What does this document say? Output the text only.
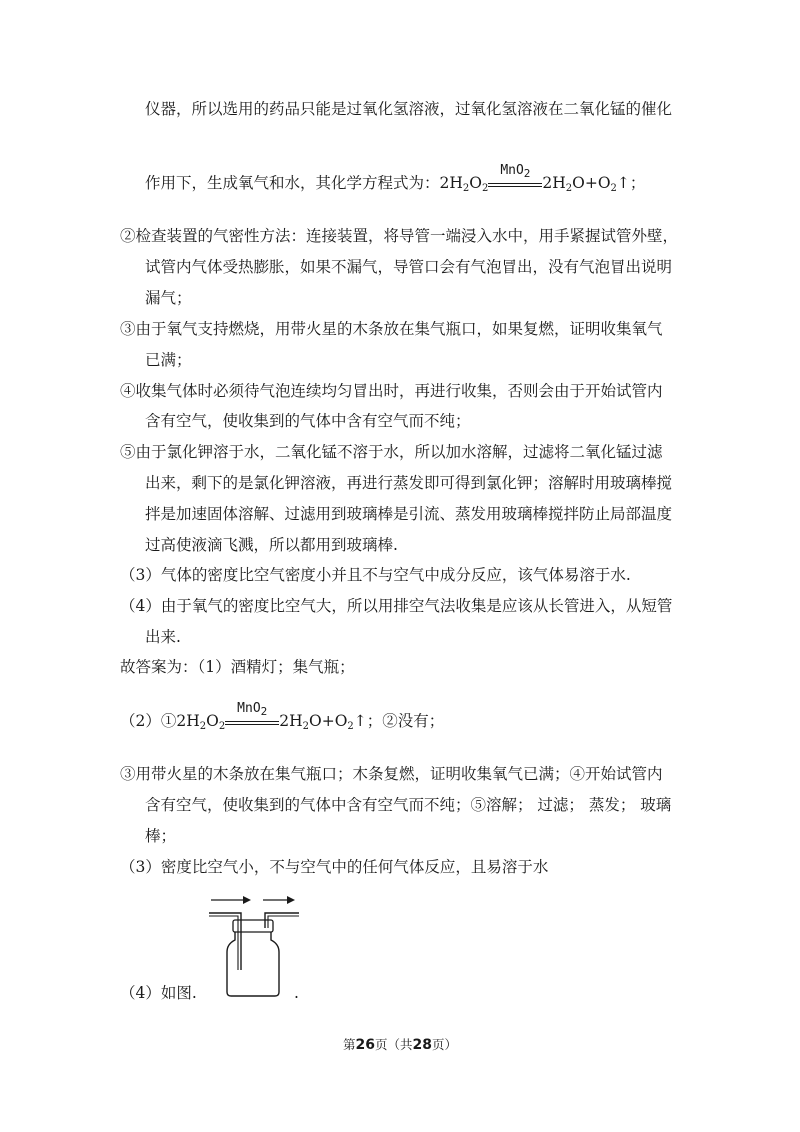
仪器，所以选用的药品只能是过氧化氢溶液，过氧化氢溶液在二氧化锰的催化
作用下，生成氧气和水，其化学方程式为：$2H_2O_2$
MnO$_2$
$2H_2O+O_2↑$；
②检查装置的气密性方法：连接装置，将导管一端浸入水中，用手紧握试管外壁，
试管内气体受热膨胀，如果不漏气，导管口会有气泡冒出，没有气泡冒出说明
漏气；
③由于氧气支持燃烧，用带火星的木条放在集气瓶口，如果复燃，证明收集氧气
已满；
④收集气体时必须待气泡连续均匀冒出时，再进行收集，否则会由于开始试管内
含有空气，使收集到的气体中含有空气而不纯；
⑤由于氯化钾溶于水，二氧化锰不溶于水，所以加水溶解，过滤将二氧化锰过滤
出来，剩下的是氯化钾溶液，再进行蒸发即可得到氯化钾；溶解时用玻璃棒搅
拌是加速固体溶解、过滤用到玻璃棒是引流、蒸发用玻璃棒搅拌防止局部温度
过高使液滴飞溅，所以都用到玻璃棒.
（3）气体的密度比空气密度小并且不与空气中成分反应，该气体易溶于水.
（4）由于氧气的密度比空气大，所以用排空气法收集是应该从长管进入，从短管
出来.
故答案为：（1）酒精灯；集气瓶；
$(2)①2H_2O_2$
MnO$_2$
$2H_2O+O_2↑$；②没有；
③用带火星的木条放在集气瓶口；木条复燃，证明收集氧气已满；④开始试管内
含有空气，使收集到的气体中含有空气而不纯；⑤溶解； 过滤； 蒸发； 玻璃
棒；
（3）密度比空气小，不与空气中的任何气体反应，且易溶于水
（4）如图.	.
第26页（共28页）
